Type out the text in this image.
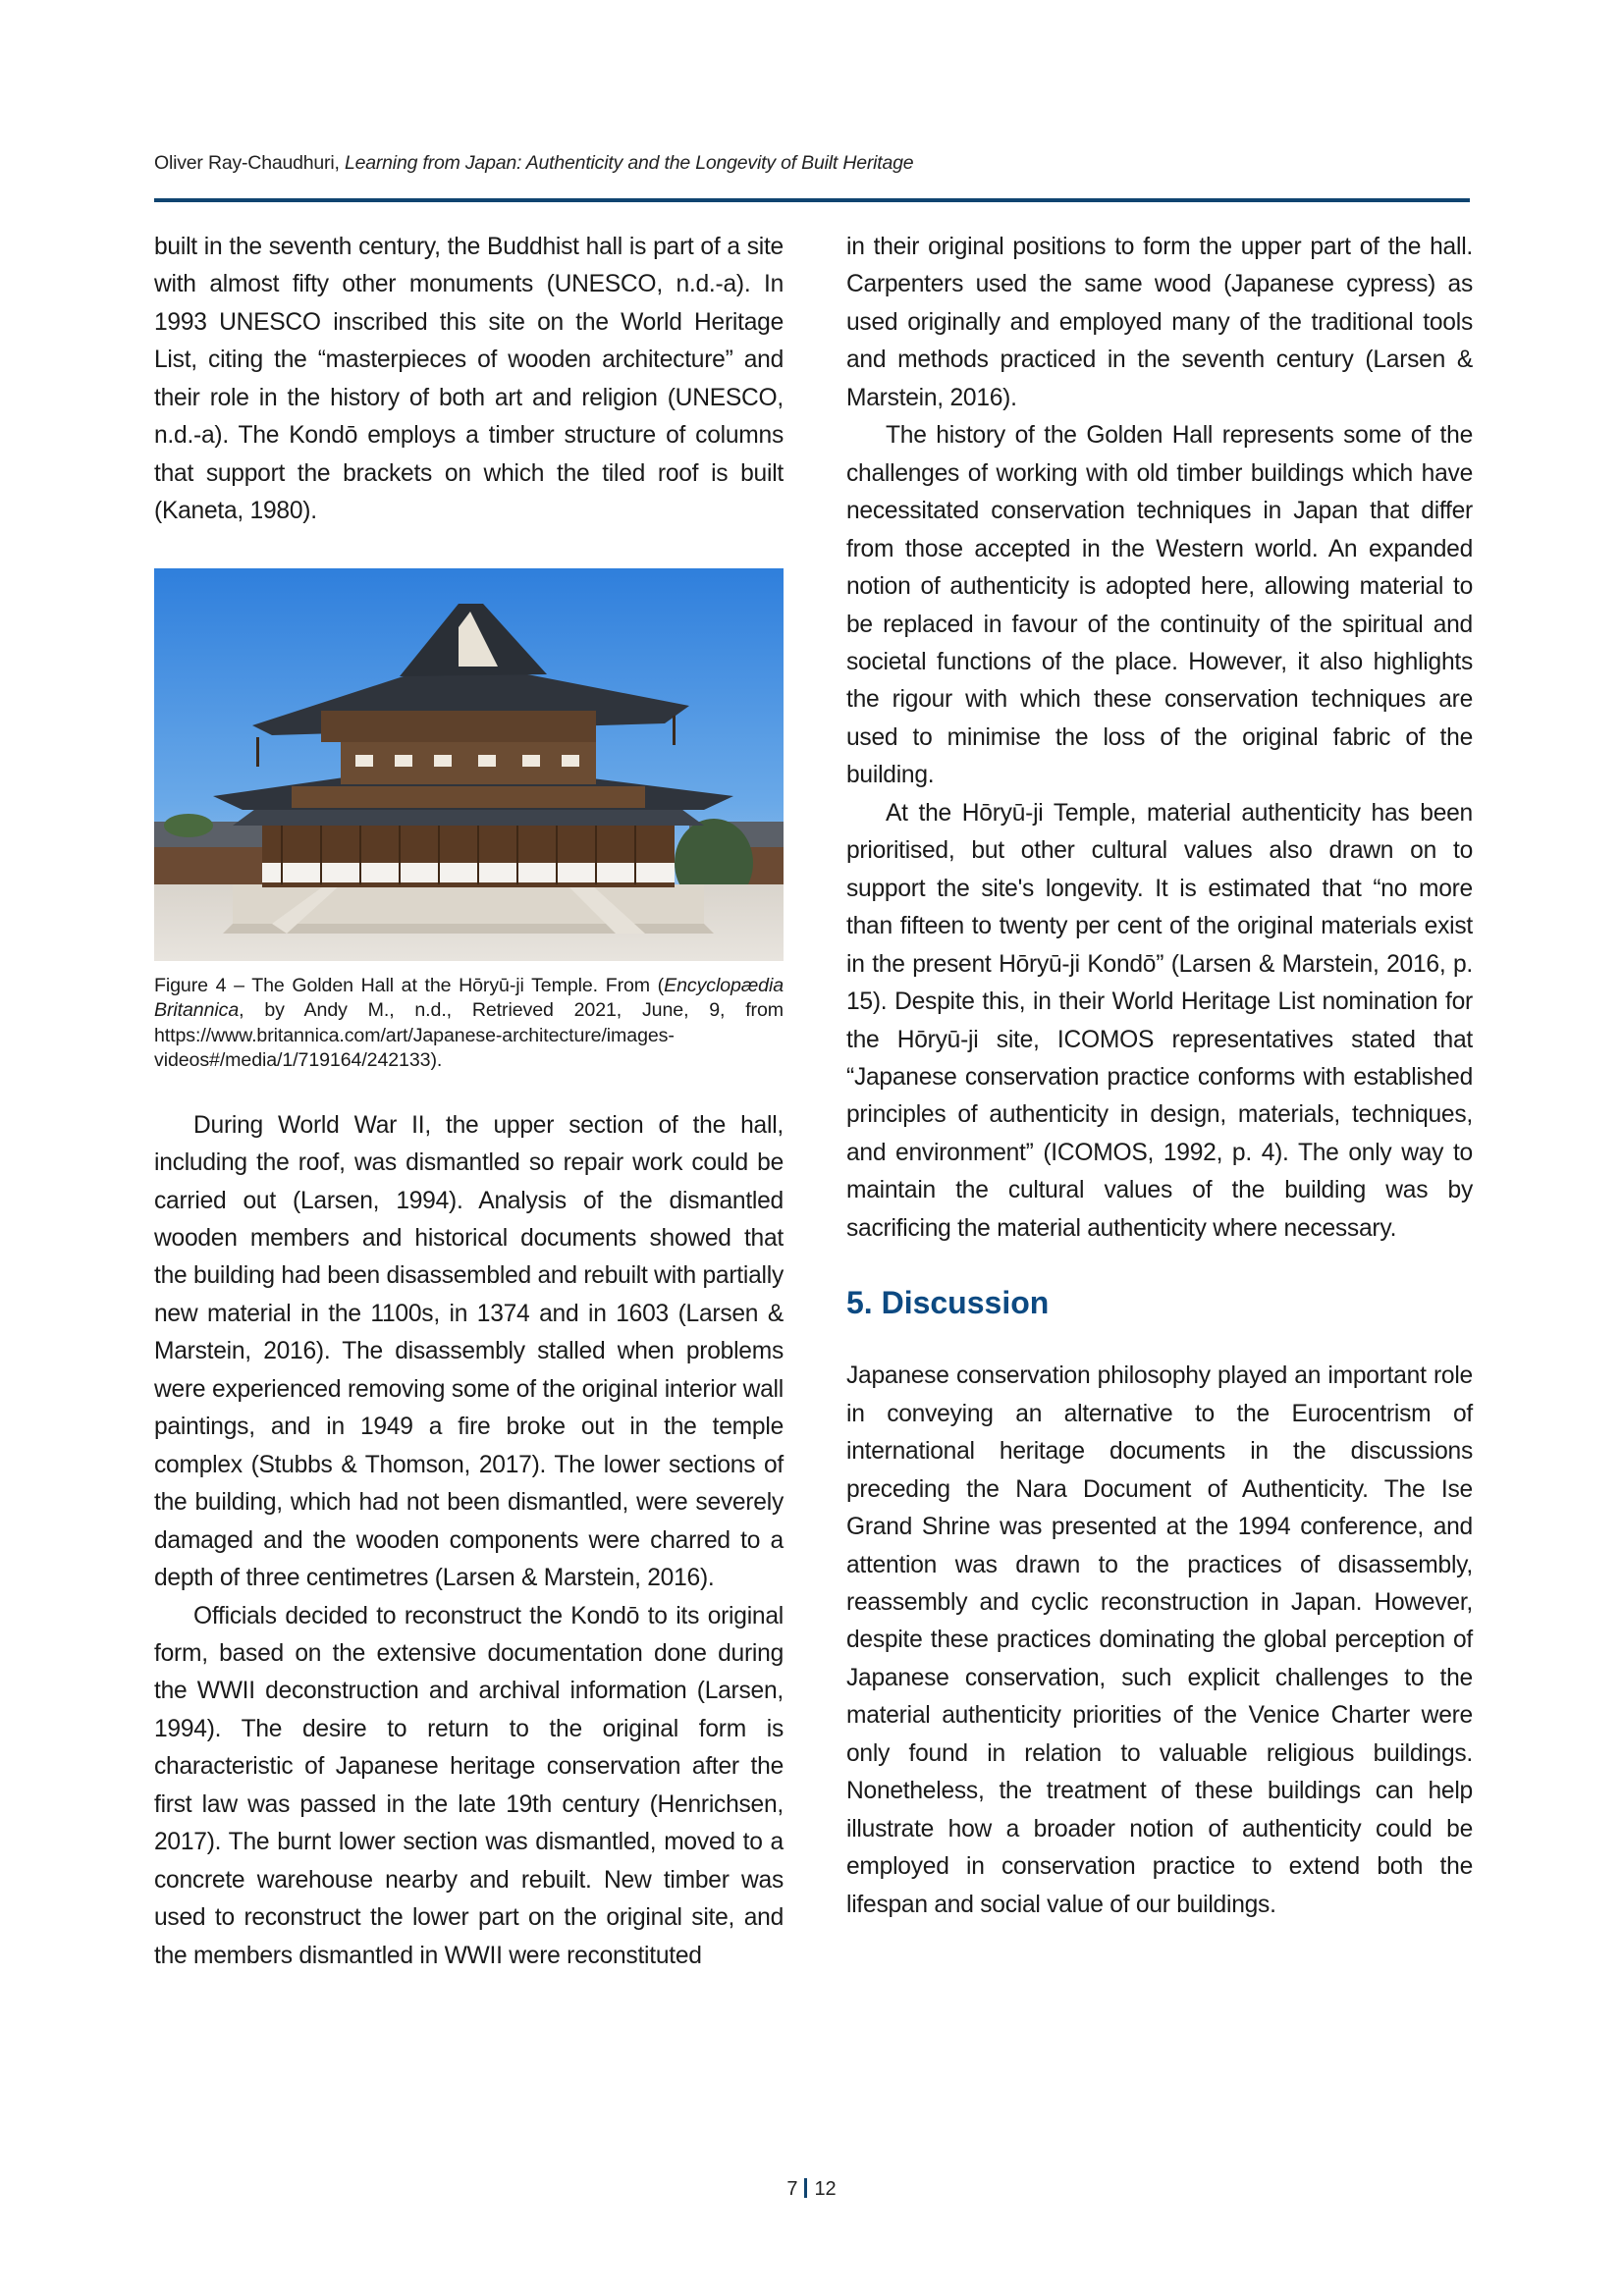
Oliver Ray-Chaudhuri, Learning from Japan: Authenticity and the Longevity of Built Heritage

built in the seventh century, the Buddhist hall is part of a site with almost fifty other monuments (UNESCO, n.d.-a). In 1993 UNESCO inscribed this site on the World Heritage List, citing the “masterpieces of wooden architecture” and their role in the history of both art and religion (UNESCO, n.d.-a). The Kondō employs a timber structure of columns that support the brackets on which the tiled roof is built (Kaneta, 1980).

Figure 4 – The Golden Hall at the Hōryū-ji Temple. From (Encyclopædia Britannica, by Andy M., n.d., Retrieved 2021, June, 9, from https://www.britannica.com/art/Japanese-architecture/images-videos#/media/1/719164/242133).

During World War II, the upper section of the hall, including the roof, was dismantled so repair work could be carried out (Larsen, 1994). Analysis of the dismantled wooden members and historical documents showed that the building had been disassembled and rebuilt with partially new material in the 1100s, in 1374 and in 1603 (Larsen & Marstein, 2016). The disassembly stalled when problems were experienced removing some of the original interior wall paintings, and in 1949 a fire broke out in the temple complex (Stubbs & Thomson, 2017). The lower sections of the building, which had not been dismantled, were severely damaged and the wooden components were charred to a depth of three centimetres (Larsen & Marstein, 2016).

Officials decided to reconstruct the Kondō to its original form, based on the extensive documentation done during the WWII deconstruction and archival information (Larsen, 1994). The desire to return to the original form is characteristic of Japanese heritage conservation after the first law was passed in the late 19th century (Henrichsen, 2017). The burnt lower section was dismantled, moved to a concrete warehouse nearby and rebuilt. New timber was used to reconstruct the lower part on the original site, and the members dismantled in WWII were reconstituted

in their original positions to form the upper part of the hall. Carpenters used the same wood (Japanese cypress) as used originally and employed many of the traditional tools and methods practiced in the seventh century (Larsen & Marstein, 2016).

The history of the Golden Hall represents some of the challenges of working with old timber buildings which have necessitated conservation techniques in Japan that differ from those accepted in the Western world. An expanded notion of authenticity is adopted here, allowing material to be replaced in favour of the continuity of the spiritual and societal functions of the place. However, it also highlights the rigour with which these conservation techniques are used to minimise the loss of the original fabric of the building.

At the Hōryū-ji Temple, material authenticity has been prioritised, but other cultural values also drawn on to support the site's longevity. It is estimated that “no more than fifteen to twenty per cent of the original materials exist in the present Hōryū-ji Kondō” (Larsen & Marstein, 2016, p. 15). Despite this, in their World Heritage List nomination for the Hōryū-ji site, ICOMOS representatives stated that “Japanese conservation practice conforms with established principles of authenticity in design, materials, techniques, and environment” (ICOMOS, 1992, p. 4). The only way to maintain the cultural values of the building was by sacrificing the material authenticity where necessary.

5. Discussion

Japanese conservation philosophy played an important role in conveying an alternative to the Eurocentrism of international heritage documents in the discussions preceding the Nara Document of Authenticity. The Ise Grand Shrine was presented at the 1994 conference, and attention was drawn to the practices of disassembly, reassembly and cyclic reconstruction in Japan. However, despite these practices dominating the global perception of Japanese conservation, such explicit challenges to the material authenticity priorities of the Venice Charter were only found in relation to valuable religious buildings. Nonetheless, the treatment of these buildings can help illustrate how a broader notion of authenticity could be employed in conservation practice to extend both the lifespan and social value of our buildings.

7 12
